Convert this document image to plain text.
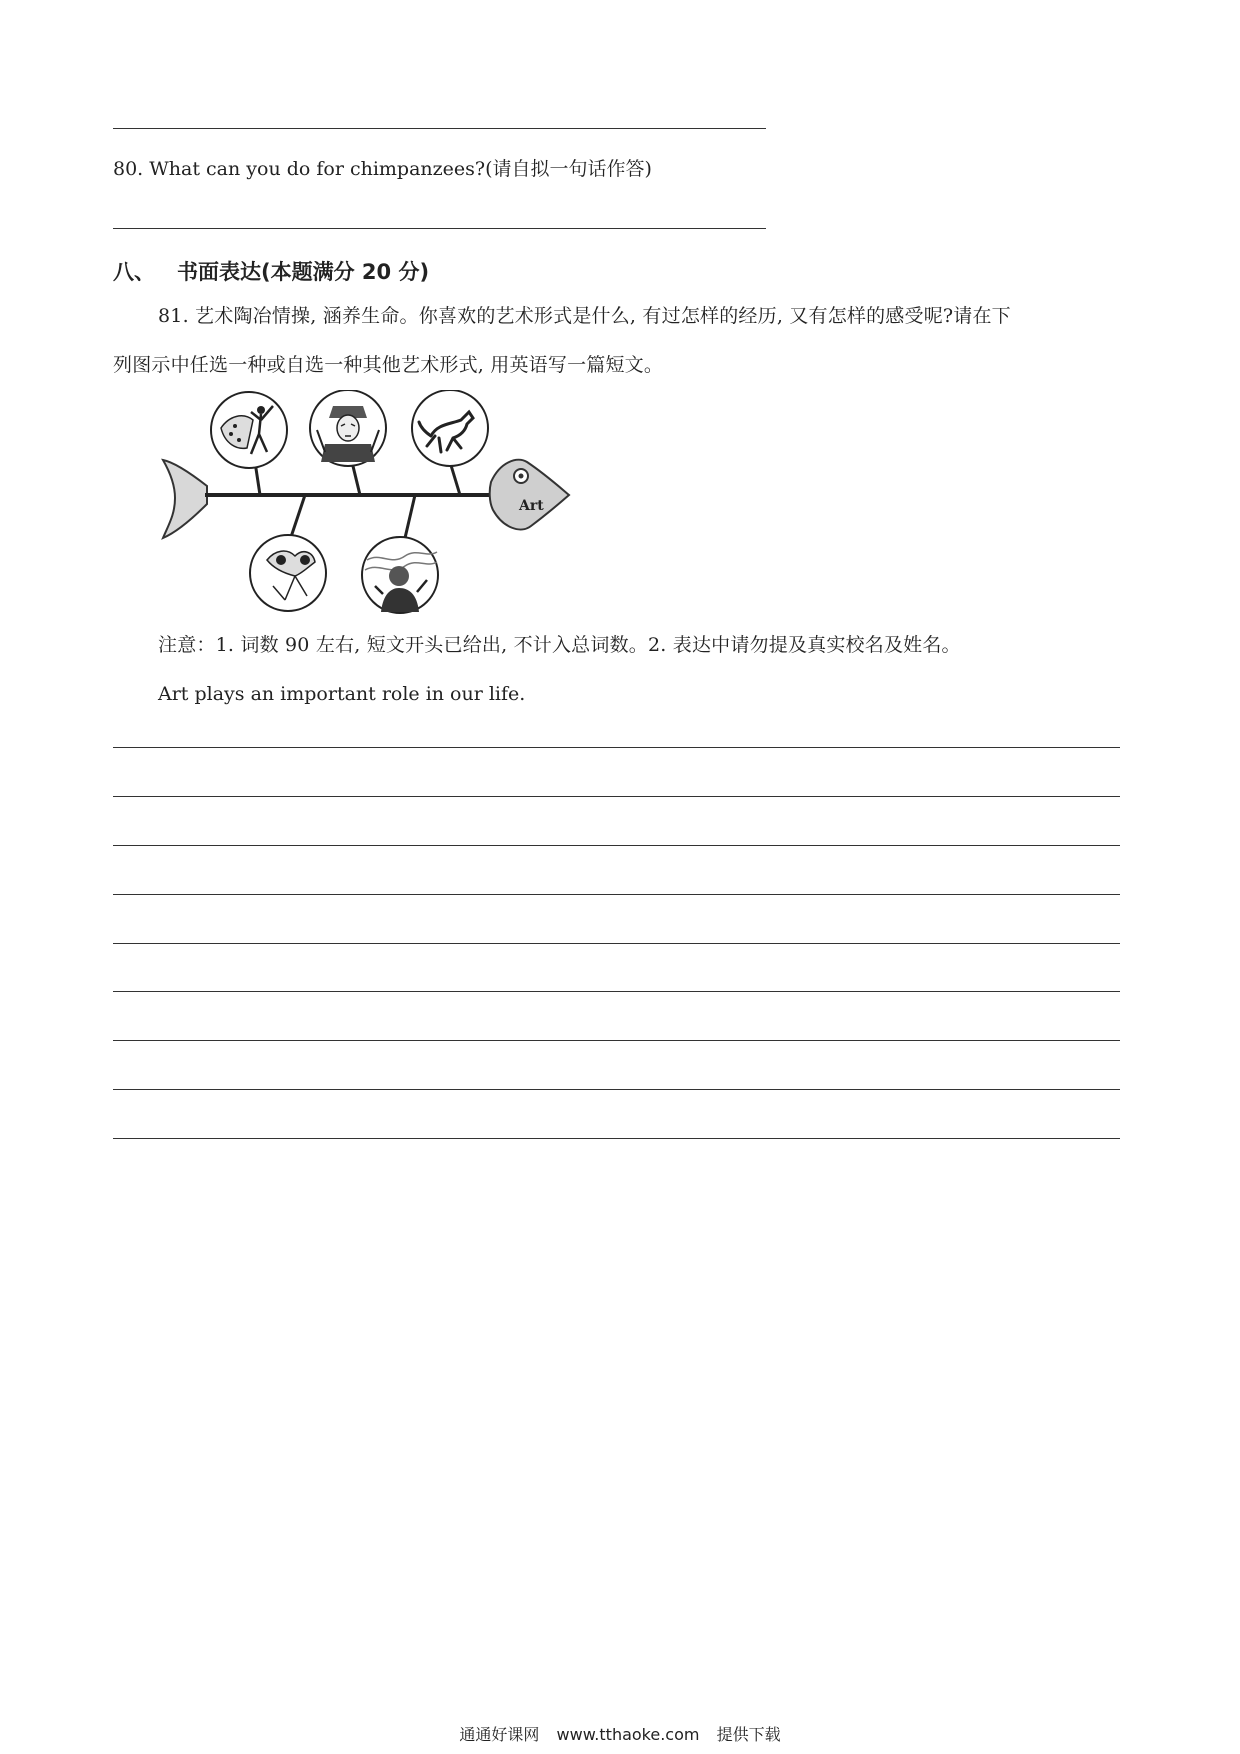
80. What can you do for chimpanzees?(请自拟一句话作答)
八、 书面表达(本题满分 20 分)
81. 艺术陶冶情操, 涵养生命。你喜欢的艺术形式是什么, 有过怎样的经历, 又有怎样的感受呢?请在下
列图示中任选一种或自选一种其他艺术形式, 用英语写一篇短文。
Art
注意：1. 词数 90 左右, 短文开头已给出, 不计入总词数。2. 表达中请勿提及真实校名及姓名。
Art plays an important role in our life.
通通好课网 www.tthaoke.com 提供下载
